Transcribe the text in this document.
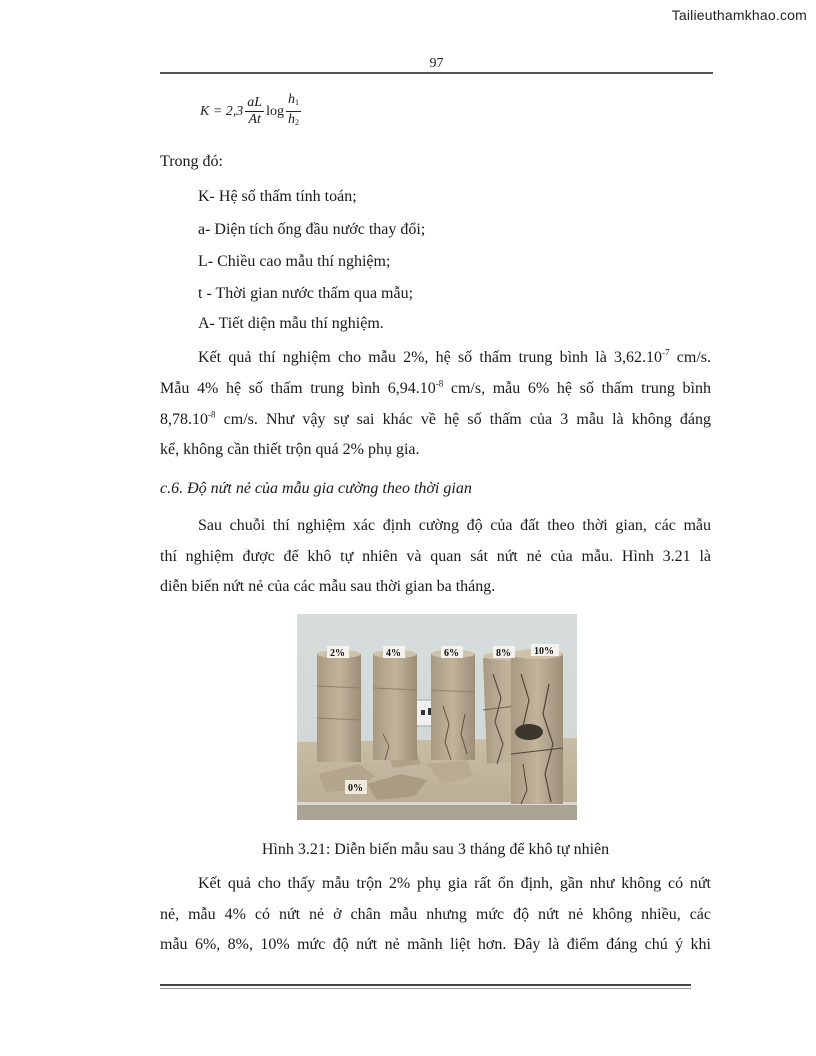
Tailieuthamkhao.com
97
$K = 2,3 \frac{aL}{At}$ $\log \frac{h_1}{h_2}$
Trong đó:
K- Hệ số thấm tính toán;
a- Diện tích ống đầu nước thay đổi;
L- Chiều cao mẫu thí nghiệm;
t - Thời gian nước thấm qua mẫu;
A- Tiết diện mẫu thí nghiệm.
Kết quả thí nghiệm cho mẫu 2%, hệ số thấm trung bình là $3,62.10^{-7}$ cm/s.
Mẫu 4% hệ số thấm trung bình $6,94.10^{-8}$ cm/s, mẫu 6% hệ số thấm trung bình
$8,78.10^{-8}$ cm/s. Như vậy sự sai khác về hệ số thấm của 3 mẫu là không đáng
kể, không cần thiết trộn quá 2% phụ gia.
c.6. Độ nứt nẻ của mẫu gia cường theo thời gian
Sau chuỗi thí nghiệm xác định cường độ của đất theo thời gian, các mẫu
thí nghiệm được để khô tự nhiên và quan sát nứt nẻ của mẫu. Hình 3.21 là
diễn biến nứt nẻ của các mẫu sau thời gian ba tháng.
2%	4%	6%	8% 10%
0%
Hình 3.21: Diễn biến mẫu sau 3 tháng để khô tự nhiên
Kết quả cho thấy mẫu trộn 2% phụ gia rất ổn định, gần như không có nứt
nẻ, mẫu 4% có nứt nẻ ở chân mẫu nhưng mức độ nứt nẻ không nhiều, các
mẫu 6%, 8%, 10% mức độ nứt nẻ mãnh liệt hơn. Đây là điểm đáng chú ý khi
